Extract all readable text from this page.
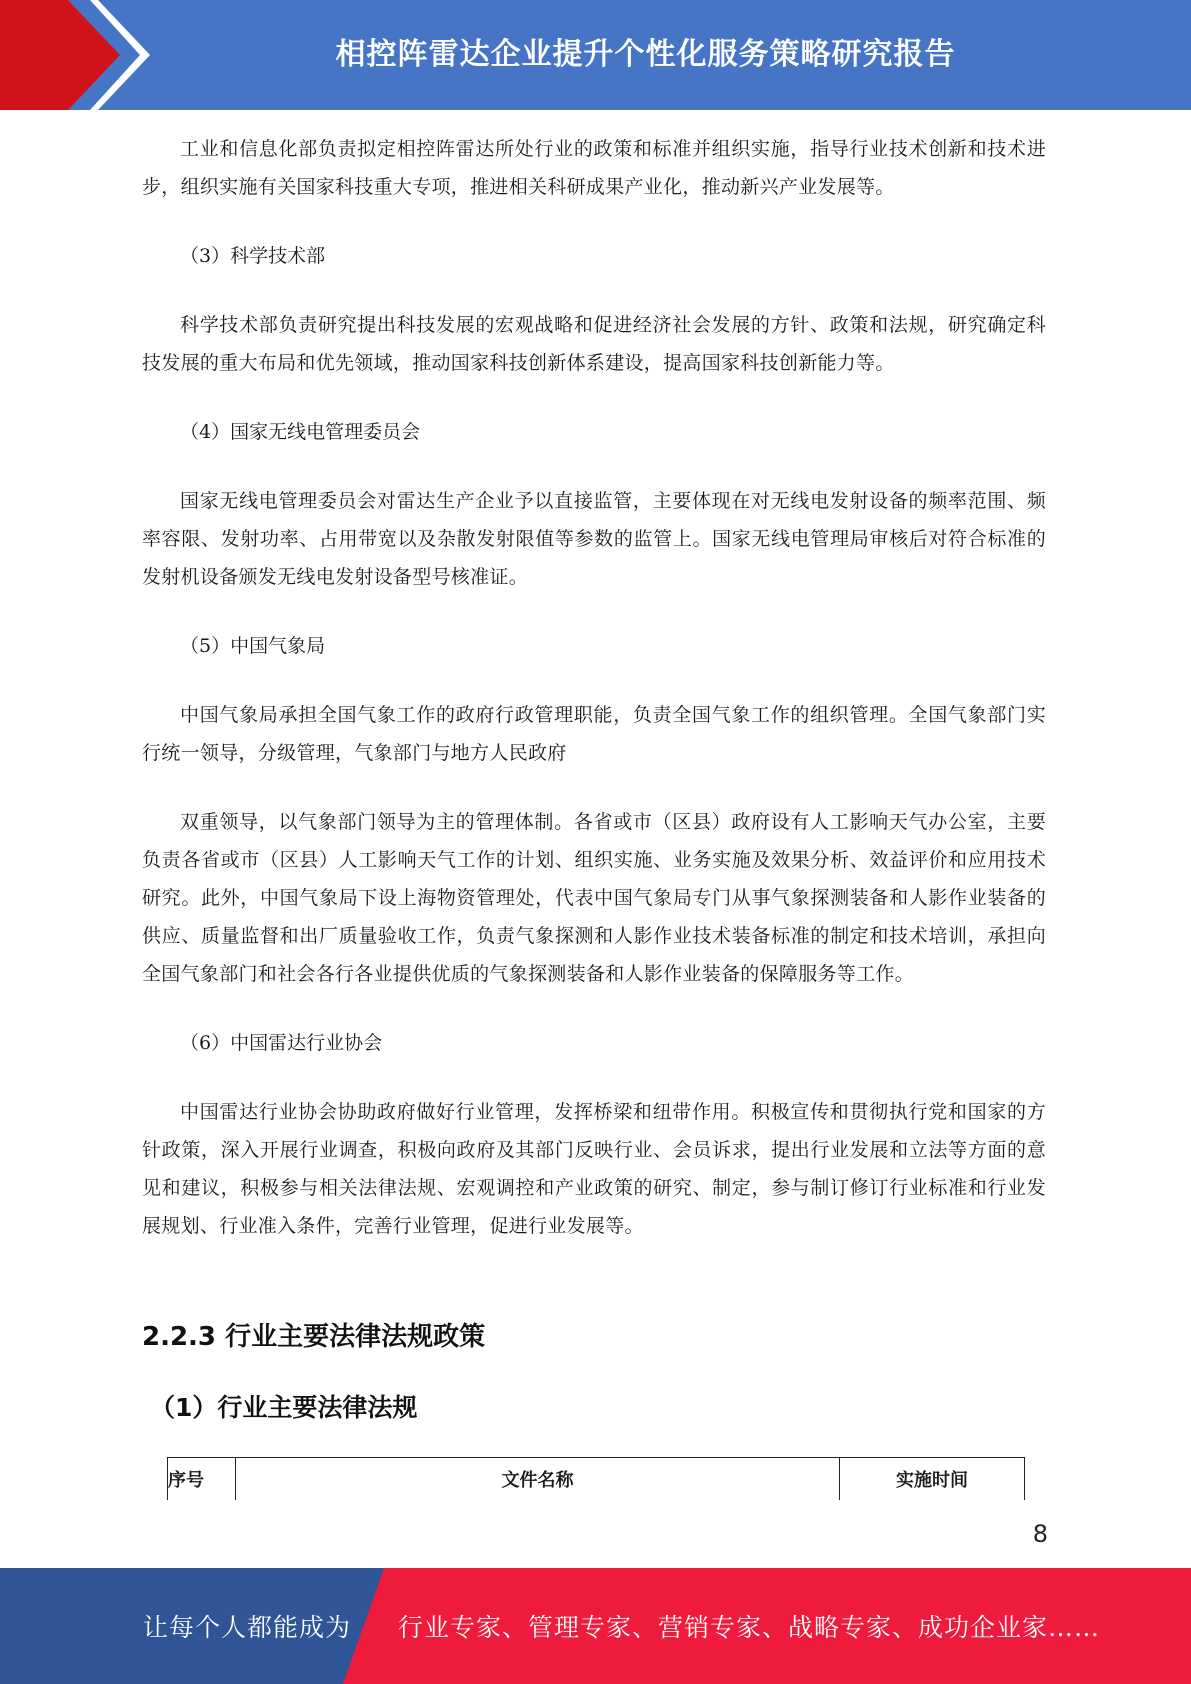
相控阵雷达企业提升个性化服务策略研究报告

工业和信息化部负责拟定相控阵雷达所处行业的政策和标准并组织实施，指导行业技术创新和技术进步，组织实施有关国家科技重大专项，推进相关科研成果产业化，推动新兴产业发展等。

（3）科学技术部

科学技术部负责研究提出科技发展的宏观战略和促进经济社会发展的方针、政策和法规，研究确定科技发展的重大布局和优先领域，推动国家科技创新体系建设，提高国家科技创新能力等。

（4）国家无线电管理委员会

国家无线电管理委员会对雷达生产企业予以直接监管，主要体现在对无线电发射设备的频率范围、频率容限、发射功率、占用带宽以及杂散发射限值等参数的监管上。国家无线电管理局审核后对符合标准的发射机设备颁发无线电发射设备型号核准证。

（5）中国气象局

中国气象局承担全国气象工作的政府行政管理职能，负责全国气象工作的组织管理。全国气象部门实行统一领导，分级管理，气象部门与地方人民政府

双重领导，以气象部门领导为主的管理体制。各省或市（区县）政府设有人工影响天气办公室，主要负责各省或市（区县）人工影响天气工作的计划、组织实施、业务实施及效果分析、效益评价和应用技术研究。此外，中国气象局下设上海物资管理处，代表中国气象局专门从事气象探测装备和人影作业装备的供应、质量监督和出厂质量验收工作，负责气象探测和人影作业技术装备标准的制定和技术培训，承担向全国气象部门和社会各行各业提供优质的气象探测装备和人影作业装备的保障服务等工作。

（6）中国雷达行业协会

中国雷达行业协会协助政府做好行业管理，发挥桥梁和纽带作用。积极宣传和贯彻执行党和国家的方针政策，深入开展行业调查，积极向政府及其部门反映行业、会员诉求，提出行业发展和立法等方面的意见和建议，积极参与相关法律法规、宏观调控和产业政策的研究、制定，参与制订修订行业标准和行业发展规划、行业准入条件，完善行业管理，促进行业发展等。

2.2.3 行业主要法律法规政策
（1）行业主要法律法规
序号	文件名称	实施时间
8
让每个人都能成为 行业专家、管理专家、营销专家、战略专家、成功企业家……
